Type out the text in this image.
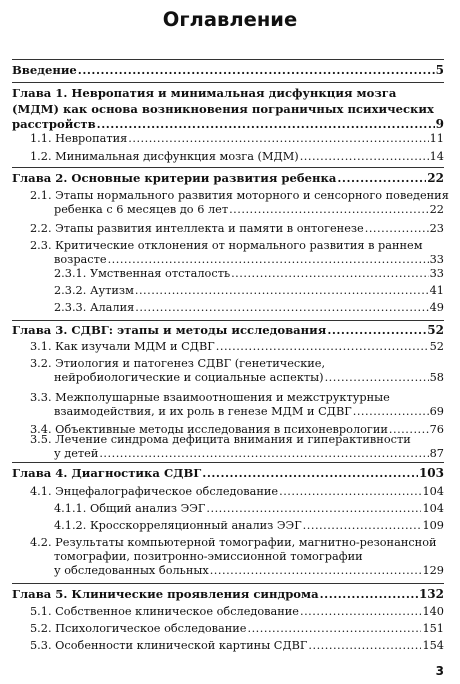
Оглавление
Введение .....	5
Глава 1. Невропатия и минимальная дисфункция мозга
(МДМ) как основа возникновения пограничных психических
расстройств .....	9
1.1. Невропатия .....	11
1.2. Минимальная дисфункция мозга (МДМ) .....	14
Глава 2. Основные критерии развития ребенка .....	22
2.1. Этапы нормального развития моторного и сенсорного поведения
ребенка с 6 месяцев до 6 лет .....	22
2.2. Этапы развития интеллекта и памяти в онтогенезе .....	23
2.3. Критические отклонения от нормального развития в раннем
возрасте .....	33
2.3.1. Умственная отсталость .....	33
2.3.2. Аутизм .....	41
2.3.3. Алалия .....	49
Глава 3. СДВГ: этапы и методы исследования .....	52
3.1. Как изучали МДМ и СДВГ .....	52
3.2. Этиология и патогенез СДВГ (генетические,
нейробиологические и социальные аспекты) .....	58
3.3. Межполушарные взаимоотношения и межструктурные
взаимодействия, и их роль в генезе МДМ и СДВГ .....	69
3.4. Объективные методы исследования в психоневрологии .....	76
3.5. Лечение синдрома дефицита внимания и гиперактивности
у детей .....	87
Глава 4. Диагностика СДВГ .....	103
4.1. Энцефалографическое обследование .....	104
4.1.1. Общий анализ ЭЭГ .....	104
4.1.2. Кросскорреляционный анализ ЭЭГ .....	109
4.2. Результаты компьютерной томографии, магнитно-резонансной
томографии, позитронно-эмиссионной томографии
у обследованных больных .....	129
Глава 5. Клинические проявления синдрома .....	132
5.1. Собственное клиническое обследование .....	140
5.2. Психологическое обследование .....	151
5.3. Особенности клинической картины СДВГ .....	154
3
